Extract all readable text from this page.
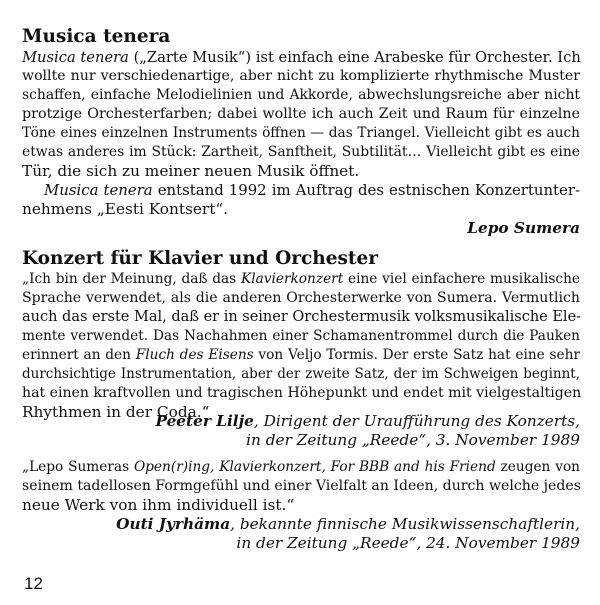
Musica tenera
Musica tenera („Zarte Musik“) ist einfach eine Arabeske für Orchester. Ich
wollte nur verschiedenartige, aber nicht zu komplizierte rhythmische Muster
schaffen, einfache Melodielinien und Akkorde, abwechslungsreiche aber nicht
protzige Orchesterfarben; dabei wollte ich auch Zeit und Raum für einzelne
Töne eines einzelnen Instruments öffnen — das Triangel. Vielleicht gibt es auch
etwas anderes im Stück: Zartheit, Sanftheit, Subtilität… Vielleicht gibt es eine
Tür, die sich zu meiner neuen Musik öffnet.
Musica tenera entstand 1992 im Auftrag des estnischen Konzertunter-
nehmens „Eesti Kontsert“.
Lepo Sumera
Konzert für Klavier und Orchester
„Ich bin der Meinung, daß das Klavierkonzert eine viel einfachere musikalische
Sprache verwendet, als die anderen Orchesterwerke von Sumera. Vermutlich
auch das erste Mal, daß er in seiner Orchestermusik volksmusikalische Ele-
mente verwendet. Das Nachahmen einer Schamanentrommel durch die Pauken
erinnert an den Fluch des Eisens von Veljo Tormis. Der erste Satz hat eine sehr
durchsichtige Instrumentation, aber der zweite Satz, der im Schweigen beginnt,
hat einen kraftvollen und tragischen Höhepunkt und endet mit vielgestaltigen
Rhythmen in der Coda.“
Peeter Lilje, Dirigent der Uraufführung des Konzerts,
in der Zeitung „Reede“, 3. November 1989
„Lepo Sumeras Open(r)ing, Klavierkonzert, For BBB and his Friend zeugen von
seinem tadellosen Formgefühl und einer Vielfalt an Ideen, durch welche jedes
neue Werk von ihm individuell ist.“
Outi Jyrhäma, bekannte finnische Musikwissenschaftlerin,
in der Zeitung „Reede“, 24. November 1989
12
